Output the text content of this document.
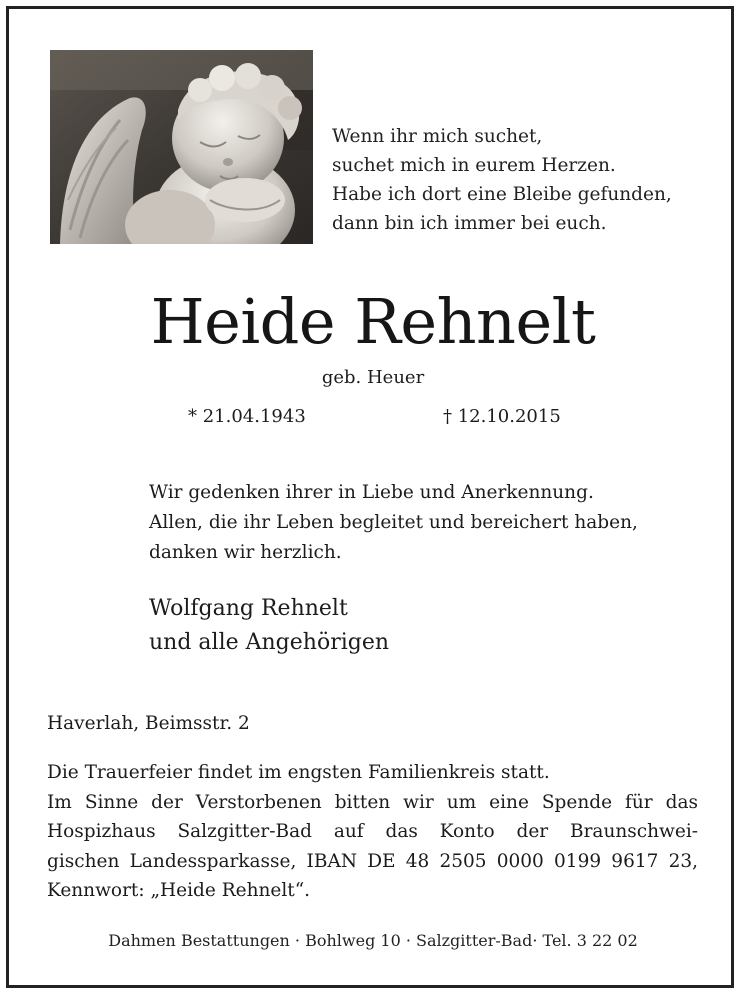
Wenn ihr mich suchet,
suchet mich in eurem Herzen.
Habe ich dort eine Bleibe gefunden,
dann bin ich immer bei euch.
Heide Rehnelt
geb. Heuer
* 21.04.1943	† 12.10.2015
Wir gedenken ihrer in Liebe und Anerkennung.
Allen, die ihr Leben begleitet und bereichert haben,
danken wir herzlich.
Wolfgang Rehnelt
und alle Angehörigen
Haverlah, Beimsstr. 2
Die Trauerfeier findet im engsten Familienkreis statt.
Im Sinne der Verstorbenen bitten wir um eine Spende für das
Hospizhaus Salzgitter-Bad auf das Konto der Braunschwei-
gischen Landessparkasse, IBAN DE 48 2505 0000 0199 9617 23,
Kennwort: „Heide Rehnelt“.
Dahmen Bestattungen · Bohlweg 10 · Salzgitter-Bad· Tel. 3 22 02
